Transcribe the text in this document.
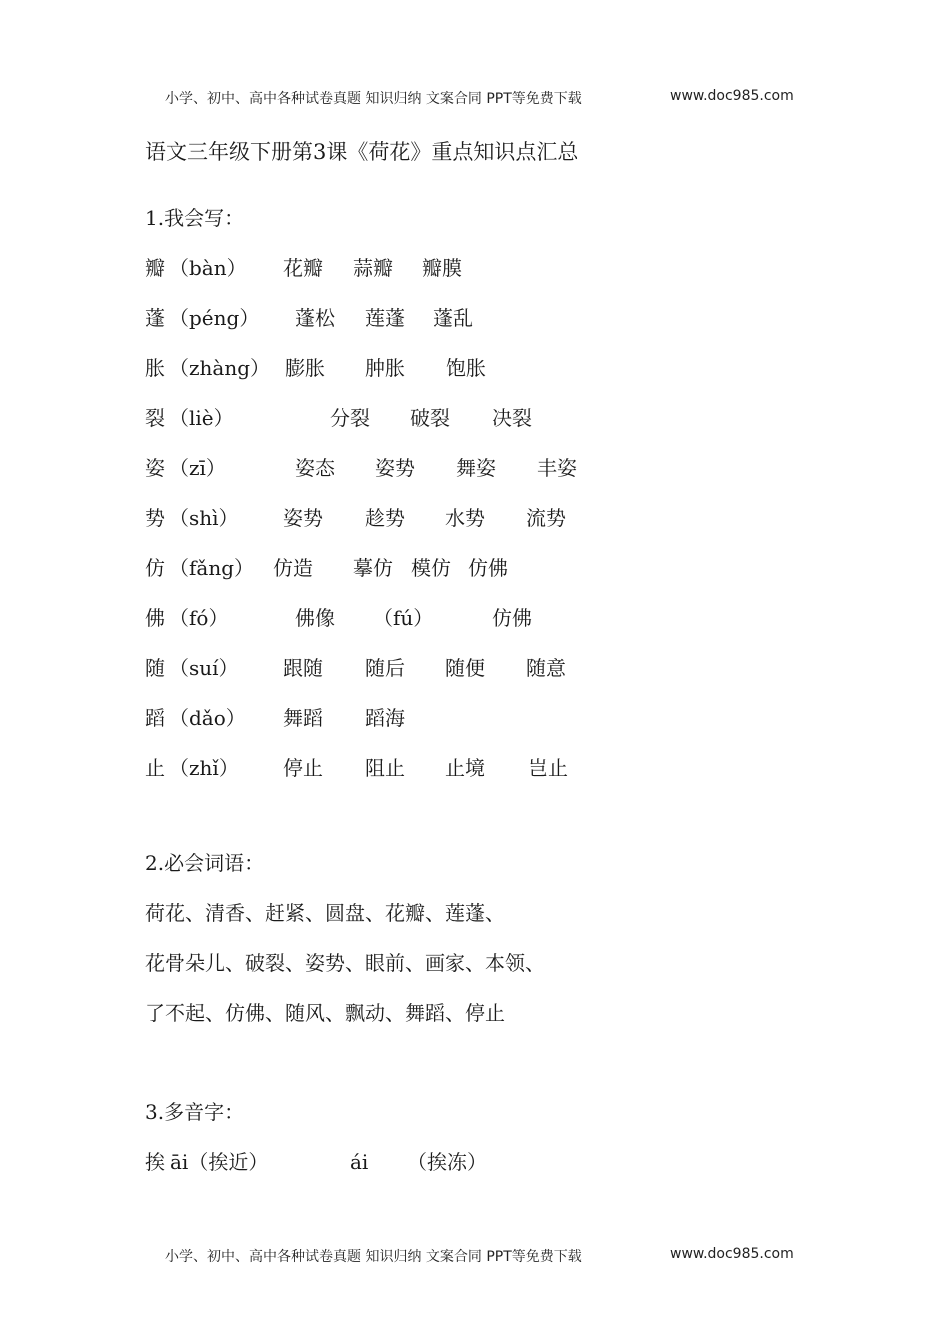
小学、初中、高中各种试卷真题 知识归纳 文案合同 PPT等免费下载	www.doc985.com
语文三年级下册第3课《荷花》重点知识点汇总
1.我会写：
瓣 （bàn） 花瓣 蒜瓣 瓣膜
蓬 （péng） 蓬松 莲蓬 蓬乱
胀 （zhàng） 膨胀 肿胀 饱胀
裂 （liè）	分裂 破裂 决裂
姿 （zī）	姿态 姿势 舞姿 丰姿
势 （shì） 姿势 趁势 水势 流势
仿 （fǎng） 仿造 摹仿 模仿 仿佛
佛 （fó）	佛像 （fú）	仿佛
随 （suí） 跟随 随后 随便 随意
蹈 （dǎo） 舞蹈 蹈海
止 （zhǐ） 停止 阻止 止境 岂止
2.必会词语：
荷花、清香、赶紧、圆盘、花瓣、莲蓬、
花骨朵儿、破裂、姿势、眼前、画家、本领、
了不起、仿佛、随风、飘动、舞蹈、停止
3.多音字：
挨 āi（挨近）	ái （挨冻）
小学、初中、高中各种试卷真题 知识归纳 文案合同 PPT等免费下载	www.doc985.com
